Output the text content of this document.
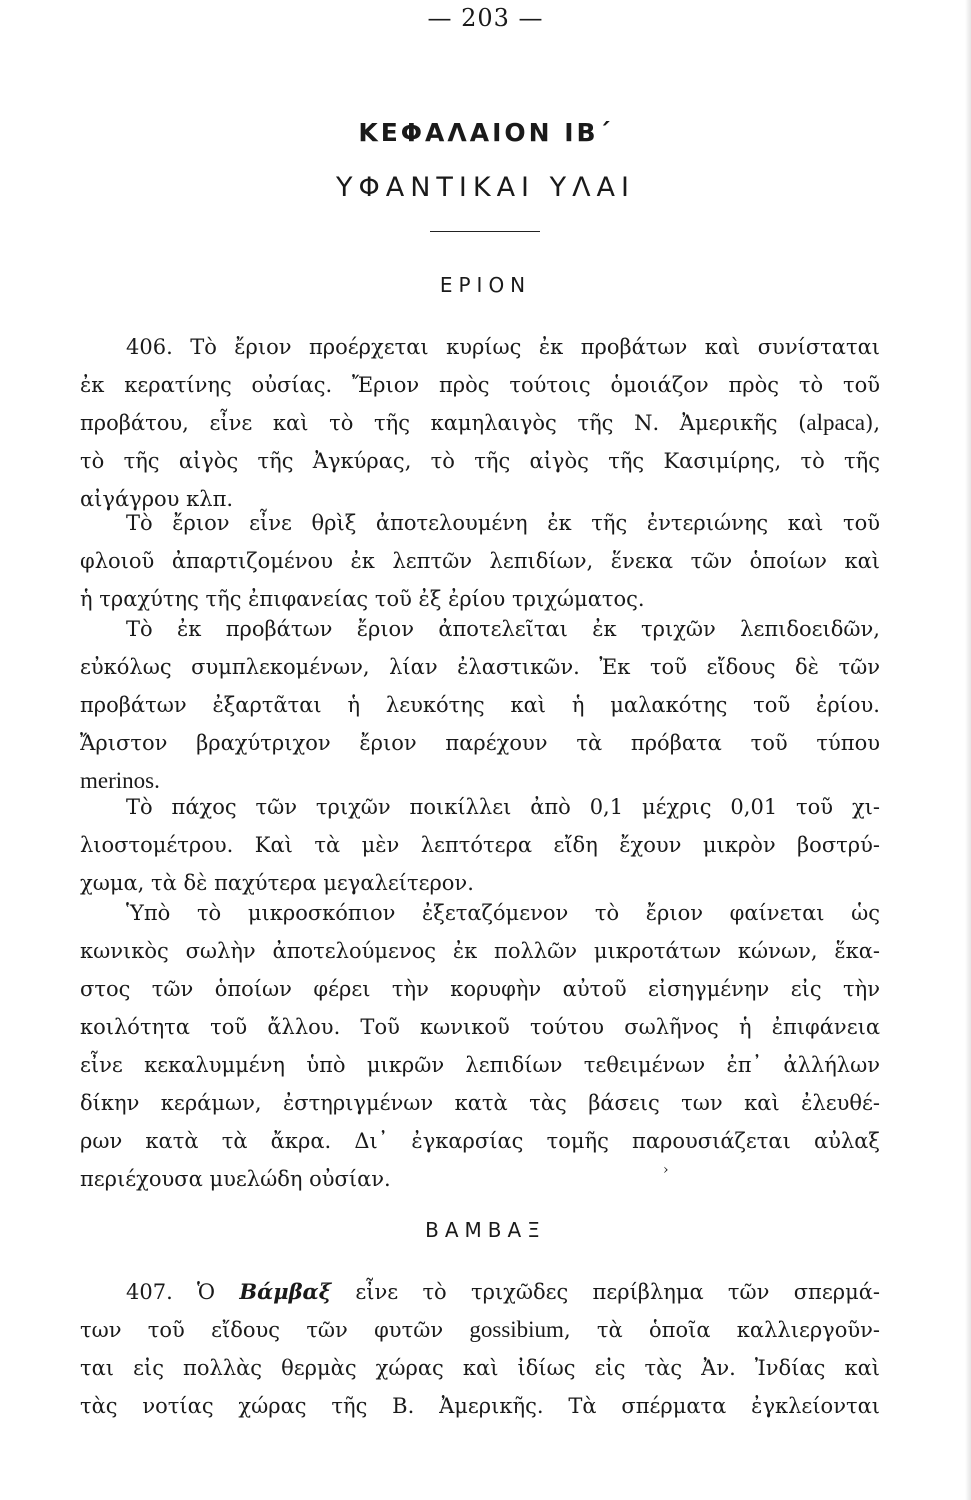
— 203 —
ΚΕΦΑΛΑΙΟΝ ΙΒ΄
ΥΦΑΝΤΙΚΑΙ ΥΛΑΙ
ΕΡΙΟΝ
406. Τὸ ἔριον προέρχεται κυρίως ἐκ προβάτων καὶ συνίσταται
ἐκ κερατίνης οὐσίας. Ἔριον πρὸς τούτοις ὁμοιάζον πρὸς τὸ τοῦ
προβάτου, εἶνε καὶ τὸ τῆς καμηλαιγὸς τῆς Ν. Ἀμερικῆς (alpaca),
τὸ τῆς αἰγὸς τῆς Ἀγκύρας, τὸ τῆς αἰγὸς τῆς Κασιμίρης, τὸ τῆς
αἰγάγρου κλπ.
Τὸ ἔριον εἶνε θρὶξ ἀποτελουμένη ἐκ τῆς ἐντεριώνης καὶ τοῦ
φλοιοῦ ἀπαρτιζομένου ἐκ λεπτῶν λεπιδίων, ἕνεκα τῶν ὁποίων καὶ
ἡ τραχύτης τῆς ἐπιφανείας τοῦ ἐξ ἐρίου τριχώματος.
Τὸ ἐκ προβάτων ἔριον ἀποτελεῖται ἐκ τριχῶν λεπιδοειδῶν,
εὐκόλως συμπλεκομένων, λίαν ἐλαστικῶν. Ἐκ τοῦ εἴδους δὲ τῶν
προβάτων ἐξαρτᾶται ἡ λευκότης καὶ ἡ μαλακότης τοῦ ἐρίου.
Ἄριστον βραχύτριχον ἔριον παρέχουν τὰ πρόβατα τοῦ τύπου
merinos.
Τὸ πάχος τῶν τριχῶν ποικίλλει ἀπὸ 0,1 μέχρις 0,01 τοῦ χι-
λιοστομέτρου. Καὶ τὰ μὲν λεπτότερα εἴδη ἔχουν μικρὸν βοστρύ-
χωμα, τὰ δὲ παχύτερα μεγαλείτερον.
Ὑπὸ τὸ μικροσκόπιον ἐξεταζόμενον τὸ ἔριον φαίνεται ὡς
κωνικὸς σωλὴν ἀποτελούμενος ἐκ πολλῶν μικροτάτων κώνων, ἕκα-
στος τῶν ὁποίων φέρει τὴν κορυφὴν αὐτοῦ εἰσηγμένην εἰς τὴν
κοιλότητα τοῦ ἄλλου. Τοῦ κωνικοῦ τούτου σωλῆνος ἡ ἐπιφάνεια
εἶνε κεκαλυμμένη ὑπὸ μικρῶν λεπιδίων τεθειμένων ἐπ᾽ ἀλλήλων
δίκην κεράμων, ἐστηριγμένων κατὰ τὰς βάσεις των καὶ ἐλευθέ-
ρων κατὰ τὰ ἄκρα. Δι᾽ ἐγκαρσίας τομῆς παρουσιάζεται αὐλαξ
περιέχουσα μυελώδη οὐσίαν.	›
ΒΑΜΒΑΞ
407. Ὁ Βάμβαξ εἶνε τὸ τριχῶδες περίβλημα τῶν σπερμά-
των τοῦ εἴδους τῶν φυτῶν gossibium, τὰ ὁποῖα καλλιεργοῦν-
ται εἰς πολλὰς θερμὰς χώρας καὶ ἰδίως εἰς τὰς Ἀν. Ἰνδίας καὶ
τὰς νοτίας χώρας τῆς Β. Ἀμερικῆς. Τὰ σπέρματα ἐγκλείονται
